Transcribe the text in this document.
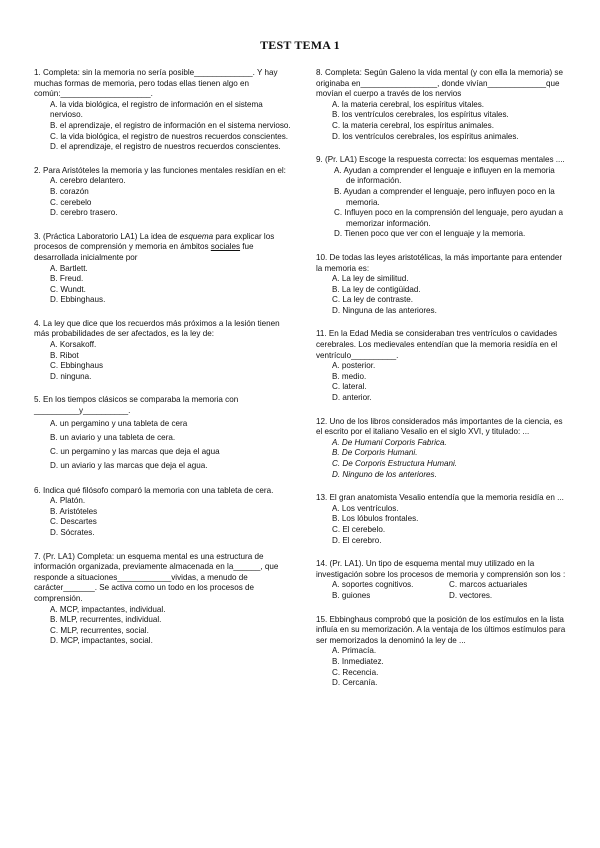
TEST TEMA 1

1. Completa: sin la memoria no sería posible_____________. Y hay muchas formas de memoria, pero todas ellas tienen algo en común:____________________.

A. la vida biológica, el registro de información en el sistema nervioso.
B. el aprendizaje, el registro de información en el sistema nervioso.
C. la vida biológica, el registro de nuestros recuerdos conscientes.
D. el aprendizaje, el registro de nuestros recuerdos conscientes.

2. Para Aristóteles la memoria y las funciones mentales residían en el:

A. cerebro delantero.
B. corazón
C. cerebelo
D. cerebro trasero.

3. (Práctica Laboratorio LA1) La idea de esquema para explicar los procesos de comprensión y memoria en ámbitos sociales fue desarrollada inicialmente por

A. Bartlett.
B. Freud.
C. Wundt.
D. Ebbinghaus.

4. La ley que dice que los recuerdos más próximos a la lesión tienen más probabilidades de ser afectados, es la ley de:

A. Korsakoff.
B. Ribot
C. Ebbinghaus
D. ninguna.

5. En los tiempos clásicos se comparaba la memoria con __________y__________.

A. un pergamino y una tableta de cera
B. un aviario y una tableta de cera.
C. un pergamino y las marcas que deja el agua
D. un aviario y las marcas que deja el agua.

6. Indica qué filósofo comparó la memoria con una tableta de cera.

A. Platón.
B. Aristóteles
C. Descartes
D. Sócrates.

7. (Pr. LA1) Completa: un esquema mental es una estructura de información organizada, previamente almacenada en la______, que responde a situaciones____________vividas, a menudo de carácter_______. Se activa como un todo en los procesos de comprensión.

A. MCP, impactantes, individual.
B. MLP, recurrentes, individual.
C. MLP, recurrentes, social.
D. MCP, impactantes, social.

8. Completa: Según Galeno la vida mental (y con ella la memoria) se originaba en_________________, donde vivían_____________que movían el cuerpo a través de los nervios

A. la materia cerebral, los espíritus vitales.
B. los ventrículos cerebrales, los espíritus vitales.
C. la materia cerebral, los espíritus animales.
D. los ventrículos cerebrales, los espíritus animales.

9. (Pr. LA1) Escoge la respuesta correcta: los esquemas mentales ....

A. Ayudan a comprender el lenguaje e influyen en la memoria de información.
B. Ayudan a comprender el lenguaje, pero influyen poco en la memoria.
C. Influyen poco en la comprensión del lenguaje, pero ayudan a memorizar información.
D. Tienen poco que ver con el lenguaje y la memoria.

10. De todas las leyes aristotélicas, la más importante para entender la memoria es:

A. La ley de similitud.
B. La ley de contigüidad.
C. La ley de contraste.
D. Ninguna de las anteriores.

11. En la Edad Media se consideraban tres ventrículos o cavidades cerebrales. Los medievales entendían que la memoria residía en el ventrículo__________.

A. posterior.
B. medio.
C. lateral.
D. anterior.

12. Uno de los libros considerados más importantes de la ciencia, es el escrito por el italiano Vesalio en el siglo XVI, y titulado: ...

A. De Humani Corporis Fabrica.
B. De Corporis Humani.
C. De Corporis Estructura Humani.
D. Ninguno de los anteriores.

13. El gran anatomista Vesalio entendía que la memoria residía en ...

A. Los ventrículos.
B. Los lóbulos frontales.
C. El cerebelo.
D. El cerebro.

14. (Pr. LA1). Un tipo de esquema mental muy utilizado en la investigación sobre los procesos de memoria y comprensión son los :

A. soportes cognitivos.	C. marcos actuariales
B. guiones	D. vectores.

15. Ebbinghaus comprobó que la posición de los estímulos en la lista influía en su memorización. A la ventaja de los últimos estímulos para ser memorizados la denominó la ley de ...

A. Primacía.
B. Inmediatez.
C. Recencia.
D. Cercanía.
